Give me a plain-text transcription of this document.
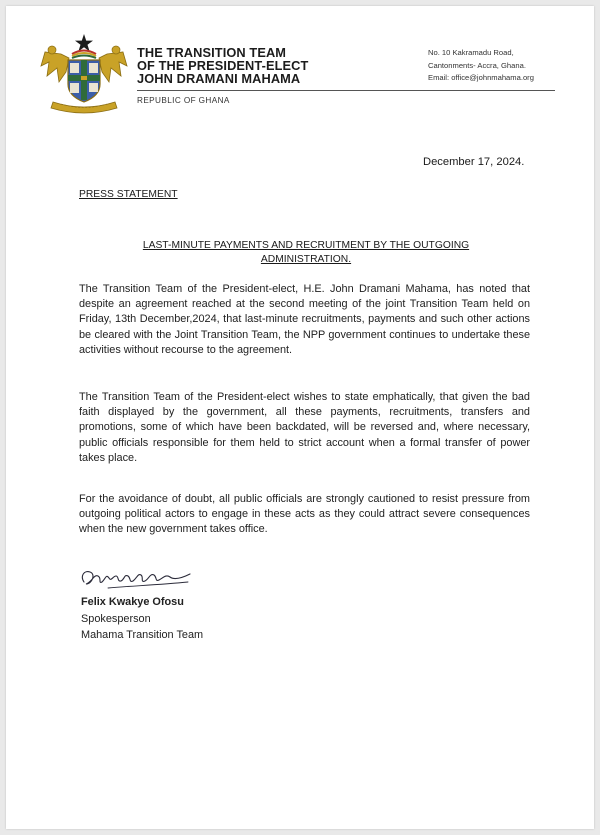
THE TRANSITION TEAM
OF THE PRESIDENT-ELECT
JOHN DRAMANI MAHAMA
REPUBLIC OF GHANA
No. 10 Kakramadu Road,
Cantonments- Accra, Ghana.
Email: office@johnmahama.org
December 17, 2024.
PRESS STATEMENT
LAST-MINUTE PAYMENTS AND RECRUITMENT BY THE OUTGOING
ADMINISTRATION.
The Transition Team of the President-elect, H.E. John Dramani Mahama, has noted that despite an agreement reached at the second meeting of the joint Transition Team held on Friday, 13th December,2024, that last-minute recruitments, payments and such other actions be cleared with the Joint Transition Team, the NPP government continues to undertake these activities without recourse to the agreement.
The Transition Team of the President-elect wishes to state emphatically, that given the bad faith displayed by the government, all these payments, recruitments, transfers and promotions, some of which have been backdated, will be reversed and, where necessary, public officials responsible for them held to strict account when a formal transfer of power takes place.
For the avoidance of doubt, all public officials are strongly cautioned to resist pressure from outgoing political actors to engage in these acts as they could attract severe consequences when the new government takes office.
Felix Kwakye Ofosu
Spokesperson
Mahama Transition Team
